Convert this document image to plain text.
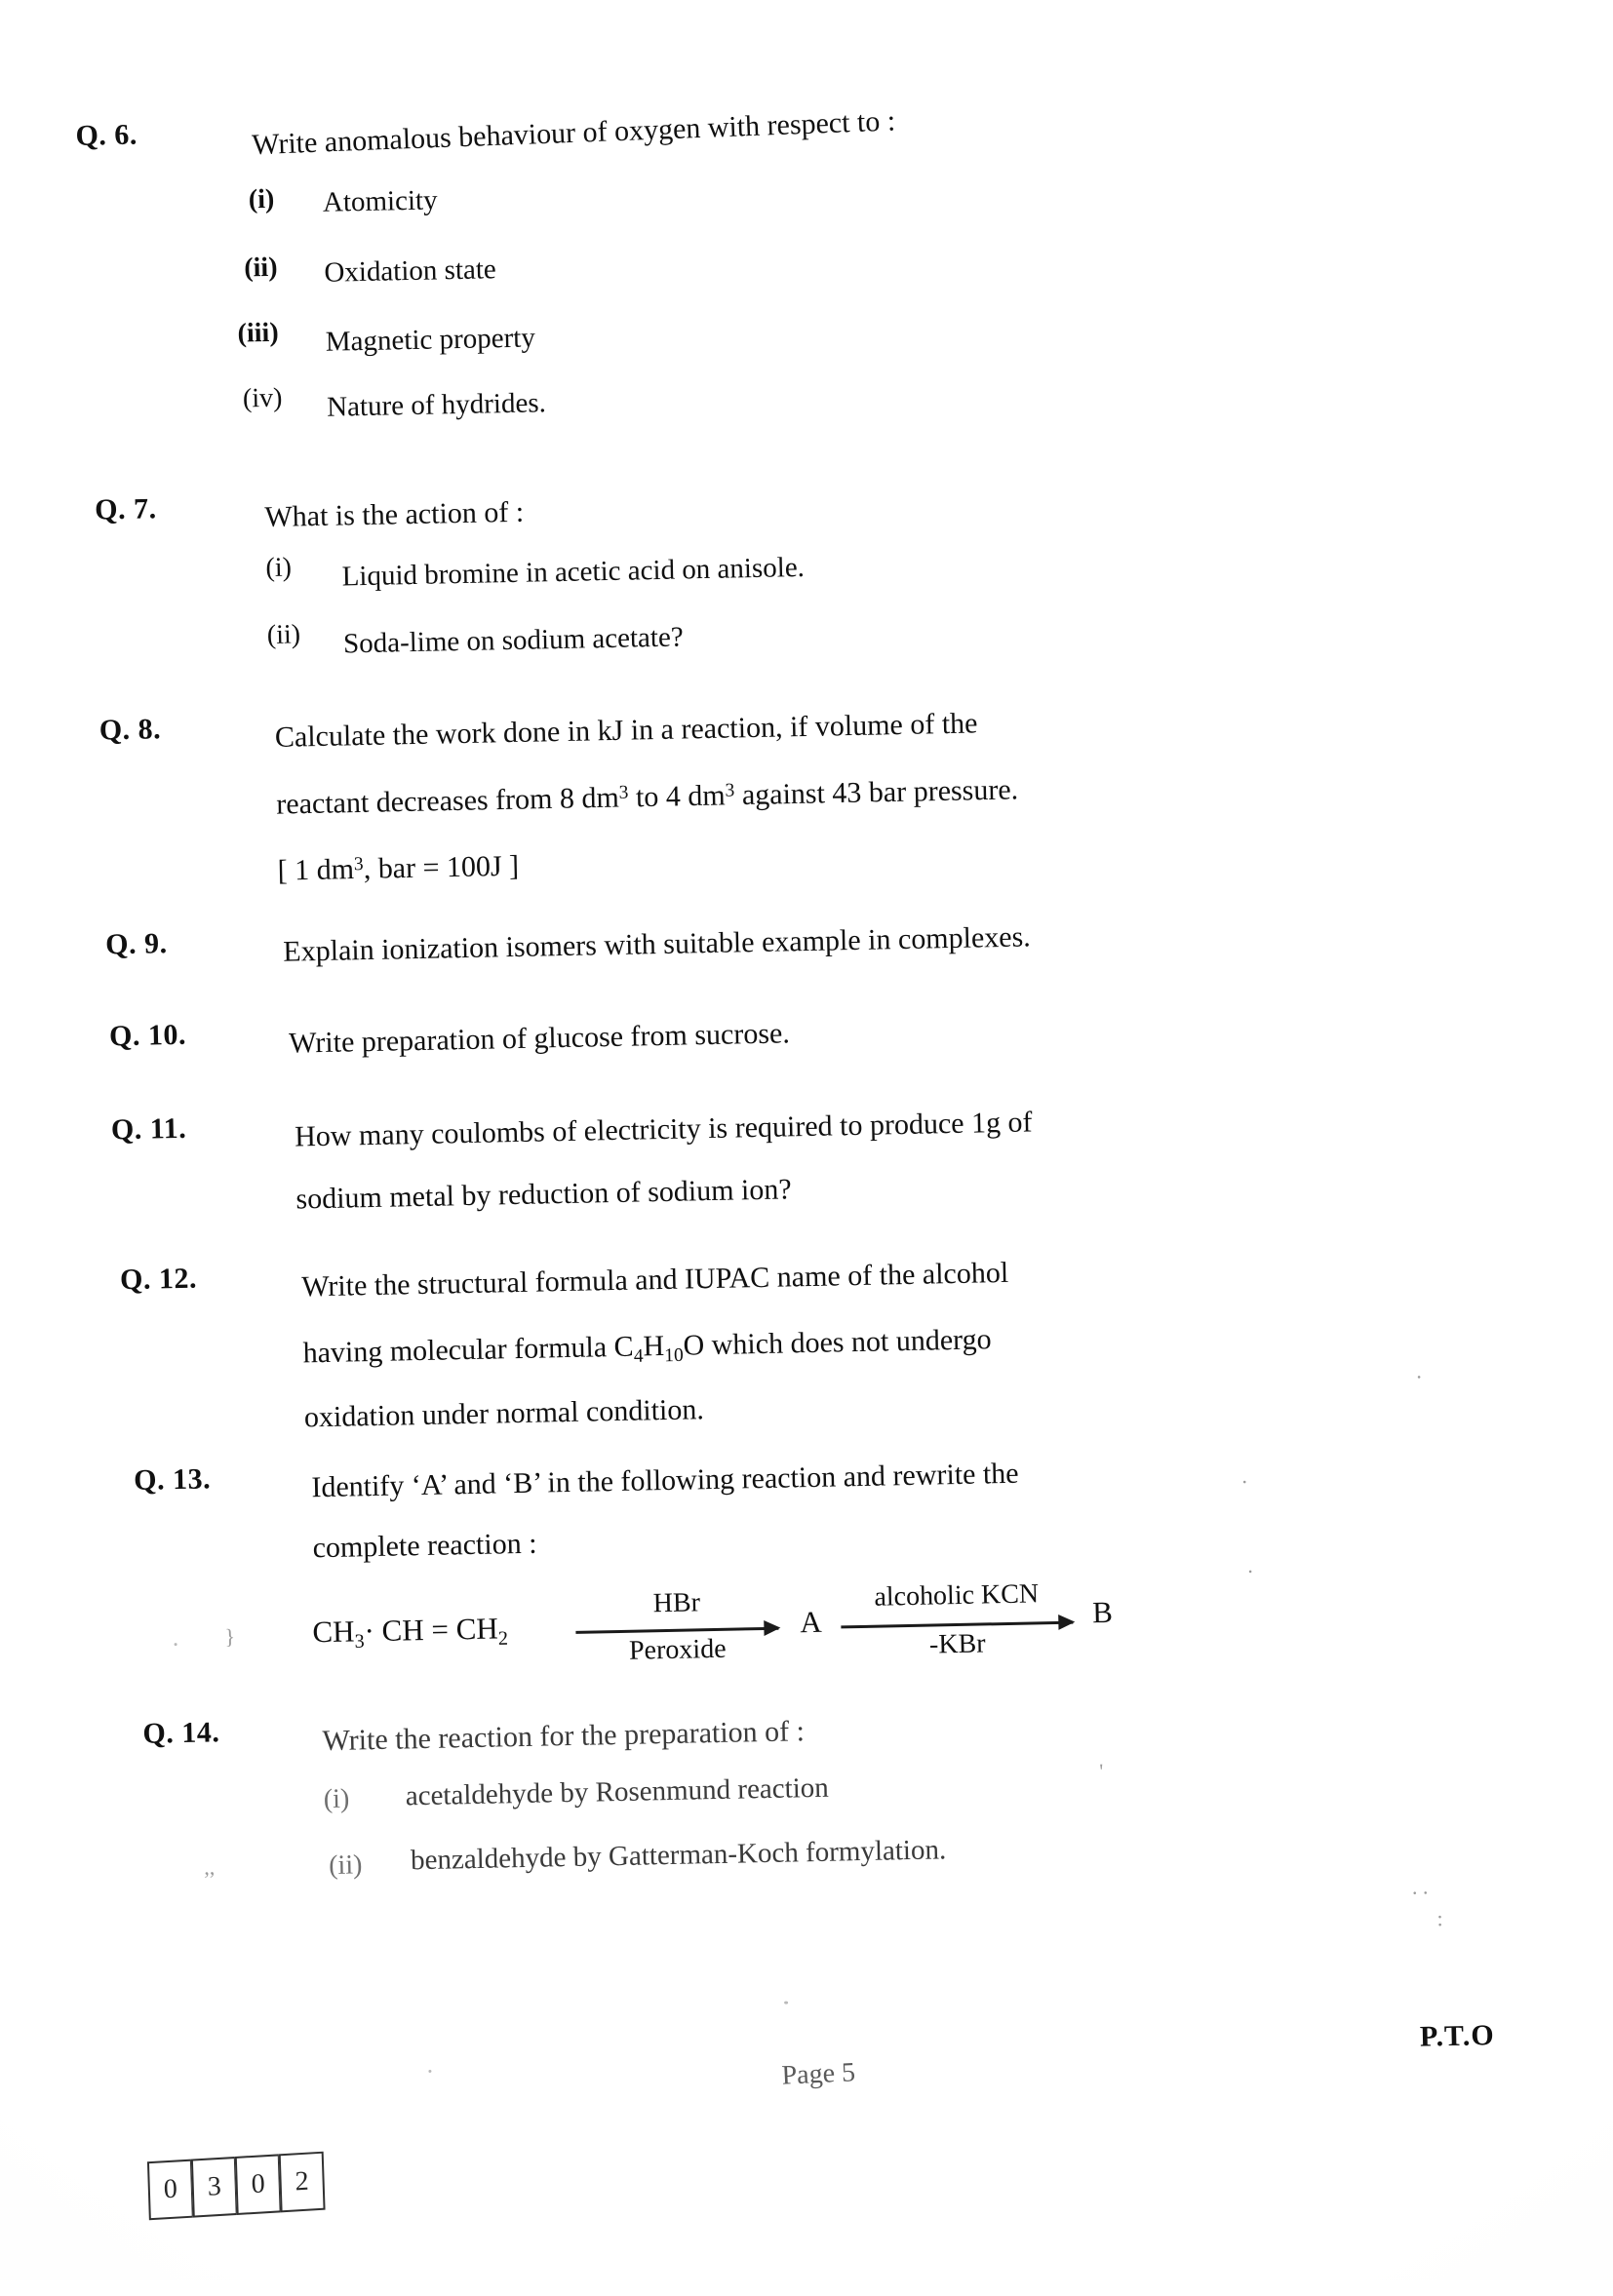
Q. 6.	Write anomalous behaviour of oxygen with respect to :
(i) Atomicity
(ii) Oxidation state
(iii) Magnetic property
(iv) Nature of hydrides.
Q. 7.	What is the action of :
(i) Liquid bromine in acetic acid on anisole.
(ii) Soda-lime on sodium acetate?
Q. 8.	Calculate the work done in kJ in a reaction, if volume of the
reactant decreases from 8 $dm^3$ to 4 $dm^3$ against 43 bar pressure.
[ 1 $dm^3$, bar = 100J ]
Q. 9.	Explain ionization isomers with suitable example in complexes.
Q. 10.	Write preparation of glucose from sucrose.
Q. 11.	How many coulombs of electricity is required to produce 1g of
sodium metal by reduction of sodium ion?
Q. 12.	Write the structural formula and IUPAC name of the alcohol
having molecular formula $C_4H_{10}O$ which does not undergo
oxidation under normal condition.
Q. 13.	Identify ‘A’ and ‘B’ in the following reaction and rewrite the
complete reaction :
}	$CH_3\cdot$ CH = $CH_2$
HBr
Peroxide
A
alcoholic KCN
-KBr
B
Q. 14.	Write the reaction for the preparation of :
(i) acetaldehyde by Rosenmund reaction
(ii) benzaldehyde by Gatterman-Koch formylation.
Page 5
P.T.O
0	3	0	2
,,
'
.
. .
:
.
.
